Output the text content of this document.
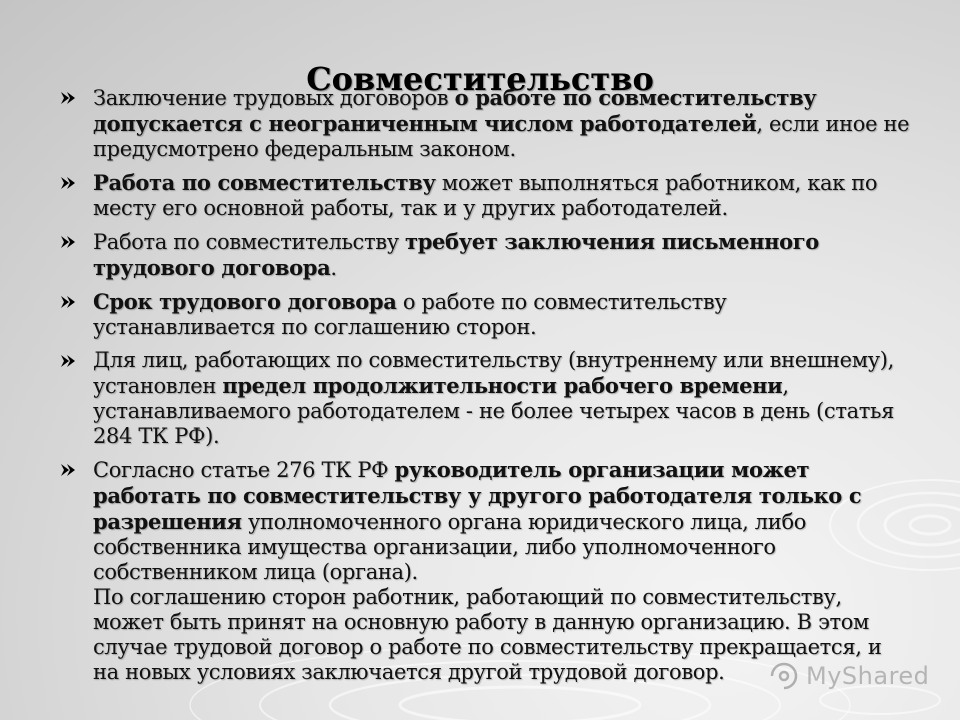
Совместительство
Заключение трудовых договоров о работе по совместительству допускается с неограниченным числом работодателей, если иное не предусмотрено федеральным законом.
Работа по совместительству может выполняться работником, как по месту его основной работы, так и у других работодателей.
Работа по совместительству требует заключения письменного трудового договора.
Срок трудового договора о работе по совместительству устанавливается по соглашению сторон.
Для лиц, работающих по совместительству (внутреннему или внешнему), установлен предел продолжительности рабочего времени, устанавливаемого работодателем - не более четырех часов в день (статья 284 ТК РФ).
Согласно статье 276 ТК РФ руководитель организации может работать по совместительству у другого работодателя только с разрешения уполномоченного органа юридического лица, либо собственника имущества организации, либо уполномоченного собственником лица (органа).
По соглашению сторон работник, работающий по совместительству, может быть принят на основную работу в данную организацию. В этом случае трудовой договор о работе по совместительству прекращается, и на новых условиях заключается другой трудовой договор.	MyShared
